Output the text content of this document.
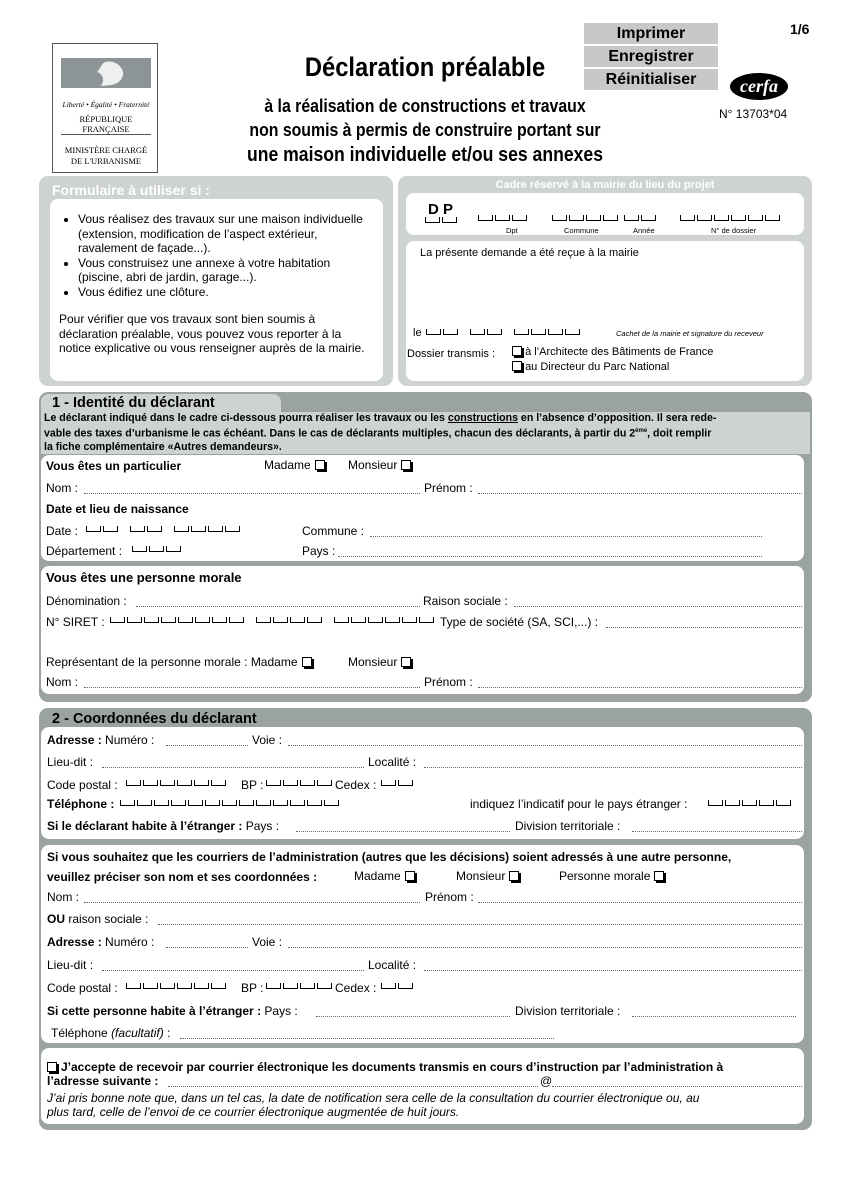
1/6
Liberté • Égalité • Fraternité
RÉPUBLIQUE FRANÇAISE
MINISTÈRE CHARGÉ
DE L'URBANISME
Déclaration préalable
à la réalisation de constructions et travaux
non soumis à permis de construire portant sur
une maison individuelle et/ou ses annexes
Imprimer
Enregistrer
Réinitialiser	cerfa
N° 13703*04
Formulaire à utiliser si :
• Vous réalisez des travaux sur une maison individuelle
(extension, modification de l’aspect extérieur,
ravalement de façade...).
• Vous construisez une annexe à votre habitation
(piscine, abri de jardin, garage...).
• Vous édifiez une clôture.
Pour vérifier que vos travaux sont bien soumis à
déclaration préalable, vous pouvez vous reporter à la
notice explicative ou vous renseigner auprès de la mairie.
Cadre réservé à la mairie du lieu du projet
D P
Dpt	Commune	Année	N° de dossier
La présente demande a été reçue à la mairie
le	Cachet de la mairie et signature du receveur
Dossier transmis :	à l’Architecte des Bâtiments de France
au Directeur du Parc National
1 - Identité du déclarant
Le déclarant indiqué dans le cadre ci-dessous pourra réaliser les travaux ou les constructions en l’absence d’opposition. Il sera rede-
vable des taxes d’urbanisme le cas échéant. Dans le cas de déclarants multiples, chacun des déclarants, à partir du 2ème, doit remplir
la fiche complémentaire «Autres demandeurs».
Vous êtes un particulier	Madame	Monsieur
Nom :	Prénom :
Date et lieu de naissance
Date :	Commune :
Département :	Pays :
Vous êtes une personne morale
Dénomination :	Raison sociale :
N° SIRET :	Type de société (SA, SCI,...) :
Représentant de la personne morale : Madame	Monsieur
Nom :	Prénom :
2 - Coordonnées du déclarant
Adresse : Numéro :	Voie :
Lieu-dit :	Localité :
Code postal :	BP :	Cedex :
Téléphone :	indiquez l’indicatif pour le pays étranger :
Si le déclarant habite à l’étranger : Pays :	Division territoriale :
Si vous souhaitez que les courriers de l’administration (autres que les décisions) soient adressés à une autre personne,
veuillez préciser son nom et ses coordonnées :	Madame	Monsieur	Personne morale
Nom :	Prénom :
OU raison sociale :
Adresse : Numéro :	Voie :
Lieu-dit :	Localité :
Code postal :	BP :	Cedex :
Si cette personne habite à l’étranger : Pays :	Division territoriale :
Téléphone (facultatif) :
J’accepte de recevoir par courrier électronique les documents transmis en cours d’instruction par l’administration à
l’adresse suivante :	@
J’ai pris bonne note que, dans un tel cas, la date de notification sera celle de la consultation du courrier électronique ou, au
plus tard, celle de l’envoi de ce courrier électronique augmentée de huit jours.
